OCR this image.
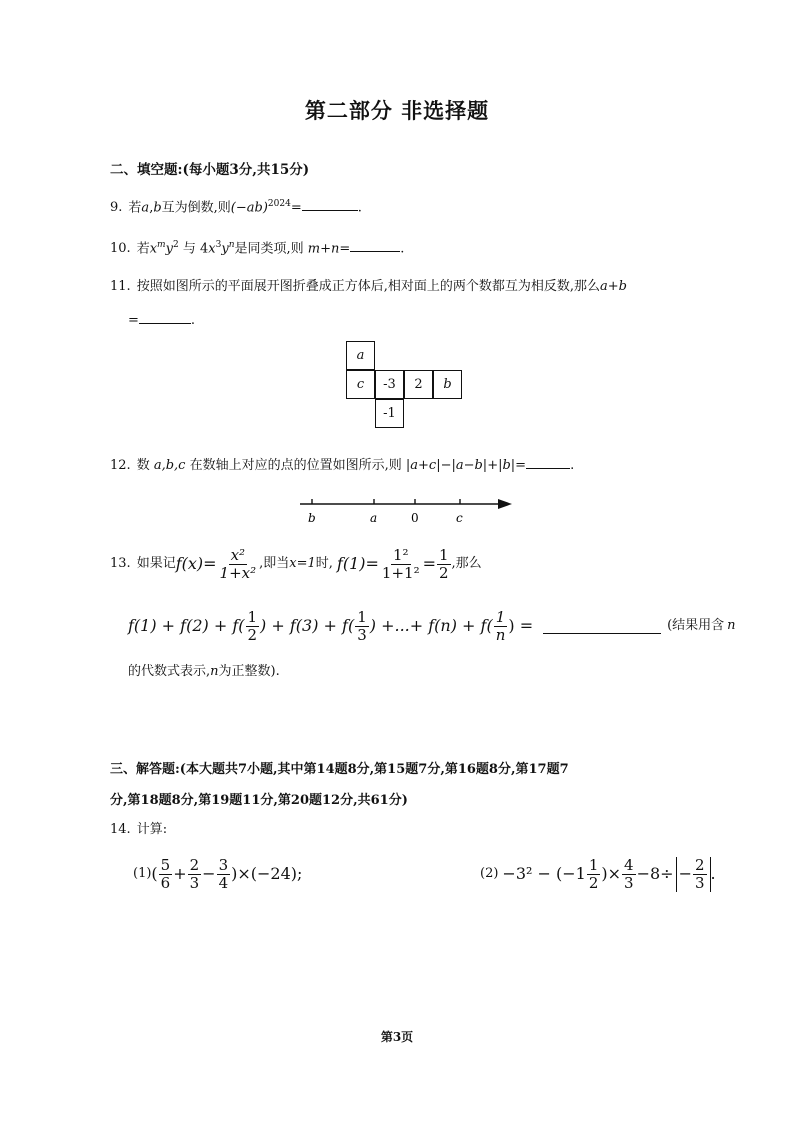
第二部分 非选择题
二、填空题:(每小题3分,共15分)
9. 若a,b互为倒数,则$(-ab)^{2024}=$	.
10. 若$x^my^2$ 与 $4x^3y^n$是同类项,则 m+n=	.
11. 按照如图所示的平面展开图折叠成正方体后,相对面上的两个数都互为相反数,那么a+b
=	.
a
c	-3	2	b
-1
12. 数 a,b,c 在数轴上对应的点的位置如图所示,则 |a+c|−|a−b|+|b|=	.
b	a	0	c
13. 如果记 $f(x)= \frac{\text{x²}}{\text{1+x²}}$ ,即当 x=1 时, $f(1)= \frac{\text{1²}}{\text{1+1²}} = \frac{1}{2}$ ,那么
$f(1) + f(2) + f( \frac{1}{2}$ ) + $f(3) + f( \frac{1}{3}$ ) +...+ $f(n) + f( \frac{1}{n}$ ) =	(结果用含 n
的代数式表示,n为正整数).
三、解答题:(本大题共7小题,其中第14题8分,第15题7分,第16题8分,第17题7
分,第18题8分,第19题11分,第20题12分,共61分)
14. 计算:
(1) ( $\frac{5}{6} + \frac{2}{3} - \frac{3}{4} )\times(-24)$;	$(2) -3^2 - (-1 \frac{1}{2}$ )× $\frac{4}{3} -8\div - \frac{2}{3}$ .
第3页
